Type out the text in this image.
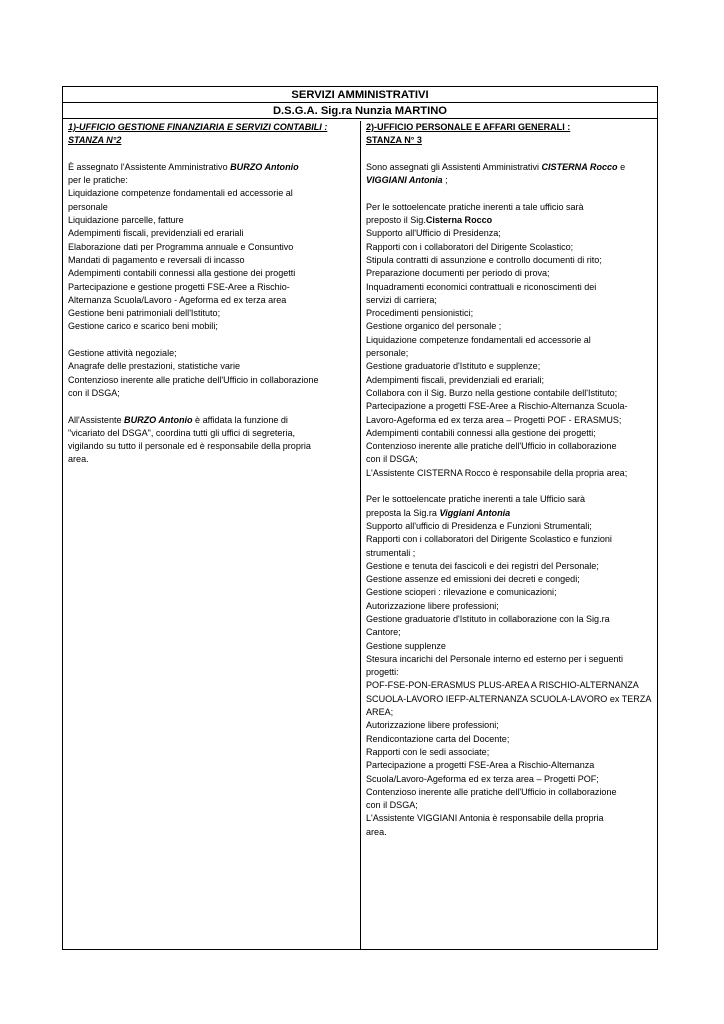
SERVIZI AMMINISTRATIVI
D.S.G.A. Sig.ra Nunzia MARTINO
1)-UFFICIO GESTIONE FINANZIARIA E SERVIZI CONTABILI :
STANZA N°2
È assegnato l'Assistente Amministrativo BURZO Antonio
per le pratiche:
Liquidazione competenze fondamentali ed accessorie al
personale
Liquidazione parcelle, fatture
Adempimenti fiscali, previdenziali ed erariali
Elaborazione dati per Programma annuale e Consuntivo
Mandati di pagamento e reversali di incasso
Adempimenti contabili connessi alla gestione dei progetti
Partecipazione e gestione progetti FSE-Aree a Rischio-
Alternanza Scuola/Lavoro - Ageforma ed ex terza area
Gestione beni patrimoniali dell'Istituto;
Gestione carico e scarico beni mobili;
Gestione attività negoziale;
Anagrafe delle prestazioni, statistiche varie
Contenzioso inerente alle pratiche dell'Ufficio in collaborazione
con il DSGA;
All'Assistente BURZO Antonio è affidata la funzione di
"vicariato del DSGA", coordina tutti gli uffici di segreteria,
vigilando su tutto il personale ed è responsabile della propria
area.
2)-UFFICIO PERSONALE E AFFARI GENERALI :
STANZA N° 3
Sono assegnati gli Assistenti Amministrativi CISTERNA Rocco e
VIGGIANI Antonia ;
Per le sottoelencate pratiche inerenti a tale ufficio sarà
preposto il Sig.Cisterna Rocco
Supporto all'Ufficio di Presidenza;
Rapporti con i collaboratori del Dirigente Scolastico;
Stipula contratti di assunzione e controllo documenti di rito;
Preparazione documenti per periodo di prova;
Inquadramenti economici contrattuali e riconoscimenti dei
servizi di carriera;
Procedimenti pensionistici;
Gestione organico del personale ;
Liquidazione competenze fondamentali ed accessorie al
personale;
Gestione graduatorie d'Istituto e supplenze;
Adempimenti fiscali, previdenziali ed erariali;
Collabora con il Sig. Burzo nella gestione contabile dell'Istituto;
Partecipazione a progetti FSE-Aree a Rischio-Alternanza Scuola-
Lavoro-Ageforma ed ex terza area – Progetti POF - ERASMUS;
Adempimenti contabili connessi alla gestione dei progetti;
Contenzioso inerente alle pratiche dell'Ufficio in collaborazione
con il DSGA;
L'Assistente CISTERNA Rocco è responsabile della propria area;
Per le sottoelencate pratiche inerenti a tale Ufficio sarà
preposta la Sig.ra Viggiani Antonia
Supporto all'ufficio di Presidenza e Funzioni Strumentali;
Rapporti con i collaboratori del Dirigente Scolastico e funzioni
strumentali ;
Gestione e tenuta dei fascicoli e dei registri del Personale;
Gestione assenze ed emissioni dei decreti e congedi;
Gestione scioperi : rilevazione e comunicazioni;
Autorizzazione libere professioni;
Gestione graduatorie d'Istituto in collaborazione con la Sig.ra
Cantore;
Gestione supplenze
Stesura incarichi del Personale interno ed esterno per i seguenti
progetti:
POF-FSE-PON-ERASMUS PLUS-AREA A RISCHIO-ALTERNANZA
SCUOLA-LAVORO IEFP-ALTERNANZA SCUOLA-LAVORO ex TERZA
AREA;
Autorizzazione libere professioni;
Rendicontazione carta del Docente;
Rapporti con le sedi associate;
Partecipazione a progetti FSE-Area a Rischio-Alternanza
Scuola/Lavoro-Ageforma ed ex terza area – Progetti POF;
Contenzioso inerente alle pratiche dell'Ufficio in collaborazione
con il DSGA;
L'Assistente VIGGIANI Antonia è responsabile della propria
area.
